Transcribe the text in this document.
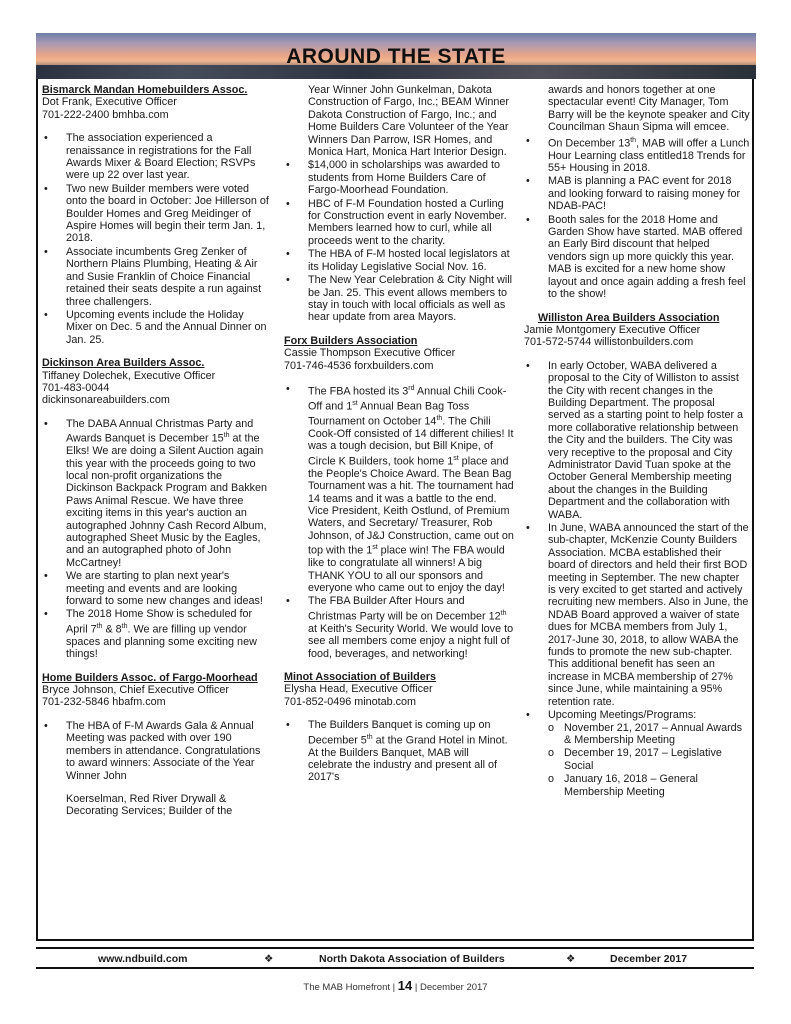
AROUND THE STATE

Bismarck Mandan Homebuilders Assoc.

Dot Frank, Executive Officer

701-222-2400 bmhba.com

• The association experienced a renaissance in registrations for the Fall Awards Mixer & Board Election; RSVPs were up 22 over last year.
• Two new Builder members were voted onto the board in October: Joe Hillerson of Boulder Homes and Greg Meidinger of Aspire Homes will begin their term Jan. 1, 2018.
• Associate incumbents Greg Zenker of Northern Plains Plumbing, Heating & Air and Susie Franklin of Choice Financial retained their seats despite a run against three challengers.
• Upcoming events include the Holiday Mixer on Dec. 5 and the Annual Dinner on Jan. 25.

Dickinson Area Builders Assoc.

Tiffaney Dolechek, Executive Officer

701-483-0044

dickinsonareabuilders.com

• The DABA Annual Christmas Party and Awards Banquet is December 15th at the Elks! We are doing a Silent Auction again this year with the proceeds going to two local non-profit organizations the Dickinson Backpack Program and Bakken Paws Animal Rescue. We have three exciting items in this year's auction an autographed Johnny Cash Record Album, autographed Sheet Music by the Eagles, and an autographed photo of John McCartney!
• We are starting to plan next year's meeting and events and are looking forward to some new changes and ideas!
• The 2018 Home Show is scheduled for April 7th & 8th. We are filling up vendor spaces and planning some exciting new things!

Home Builders Assoc. of Fargo-Moorhead

Bryce Johnson, Chief Executive Officer

701-232-5846 hbafm.com

• The HBA of F-M Awards Gala & Annual Meeting was packed with over 190 members in attendance. Congratulations to award winners: Associate of the Year Winner John

Koerselman, Red River Drywall & Decorating Services; Builder of the

Year Winner John Gunkelman, Dakota Construction of Fargo, Inc.; BEAM Winner Dakota Construction of Fargo, Inc.; and Home Builders Care Volunteer of the Year Winners Dan Parrow, ISR Homes, and Monica Hart, Monica Hart Interior Design.

• $14,000 in scholarships was awarded to students from Home Builders Care of Fargo-Moorhead Foundation.
• HBC of F-M Foundation hosted a Curling for Construction event in early November. Members learned how to curl, while all proceeds went to the charity.
• The HBA of F-M hosted local legislators at its Holiday Legislative Social Nov. 16.
• The New Year Celebration & City Night will be Jan. 25. This event allows members to stay in touch with local officials as well as hear update from area Mayors.

Forx Builders Association

Cassie Thompson Executive Officer

701-746-4536 forxbuilders.com

• The FBA hosted its 3rd Annual Chili Cook-Off and 1st Annual Bean Bag Toss Tournament on October 14th. The Chili Cook-Off consisted of 14 different chilies! It was a tough decision, but Bill Knipe, of Circle K Builders, took home 1st place and the People's Choice Award. The Bean Bag Tournament was a hit. The tournament had 14 teams and it was a battle to the end. Vice President, Keith Ostlund, of Premium Waters, and Secretary/ Treasurer, Rob Johnson, of J&J Construction, came out on top with the 1st place win! The FBA would like to congratulate all winners! A big THANK YOU to all our sponsors and everyone who came out to enjoy the day!
• The FBA Builder After Hours and Christmas Party will be on December 12th at Keith's Security World. We would love to see all members come enjoy a night full of food, beverages, and networking!

Minot Association of Builders

Elysha Head, Executive Officer

701-852-0496 minotab.com

• The Builders Banquet is coming up on December 5th at the Grand Hotel in Minot. At the Builders Banquet, MAB will celebrate the industry and present all of 2017's

awards and honors together at one spectacular event! City Manager, Tom Barry will be the keynote speaker and City Councilman Shaun Sipma will emcee.

• On December 13th, MAB will offer a Lunch Hour Learning class entitled18 Trends for 55+ Housing in 2018.
• MAB is planning a PAC event for 2018 and looking forward to raising money for NDAB-PAC!
• Booth sales for the 2018 Home and Garden Show have started. MAB offered an Early Bird discount that helped vendors sign up more quickly this year. MAB is excited for a new home show layout and once again adding a fresh feel to the show!

Williston Area Builders Association

Jamie Montgomery Executive Officer

701-572-5744 willistonbuilders.com

• In early October, WABA delivered a proposal to the City of Williston to assist the City with recent changes in the Building Department. The proposal served as a starting point to help foster a more collaborative relationship between the City and the builders. The City was very receptive to the proposal and City Administrator David Tuan spoke at the October General Membership meeting about the changes in the Building Department and the collaboration with WABA.
• In June, WABA announced the start of the sub-chapter, McKenzie County Builders Association. MCBA established their board of directors and held their first BOD meeting in September. The new chapter is very excited to get started and actively recruiting new members. Also in June, the NDAB Board approved a waiver of state dues for MCBA members from July 1, 2017-June 30, 2018, to allow WABA the funds to promote the new sub-chapter. This additional benefit has seen an increase in MCBA membership of 27% since June, while maintaining a 95% retention rate.
• Upcoming Meetings/Programs:
o November 21, 2017 – Annual Awards & Membership Meeting
o December 19, 2017 – Legislative Social
o January 16, 2018 – General Membership Meeting
www.ndbuild.com	❖	North Dakota Association of Builders	❖	December 2017
The MAB Homefront | 14 | December 2017
